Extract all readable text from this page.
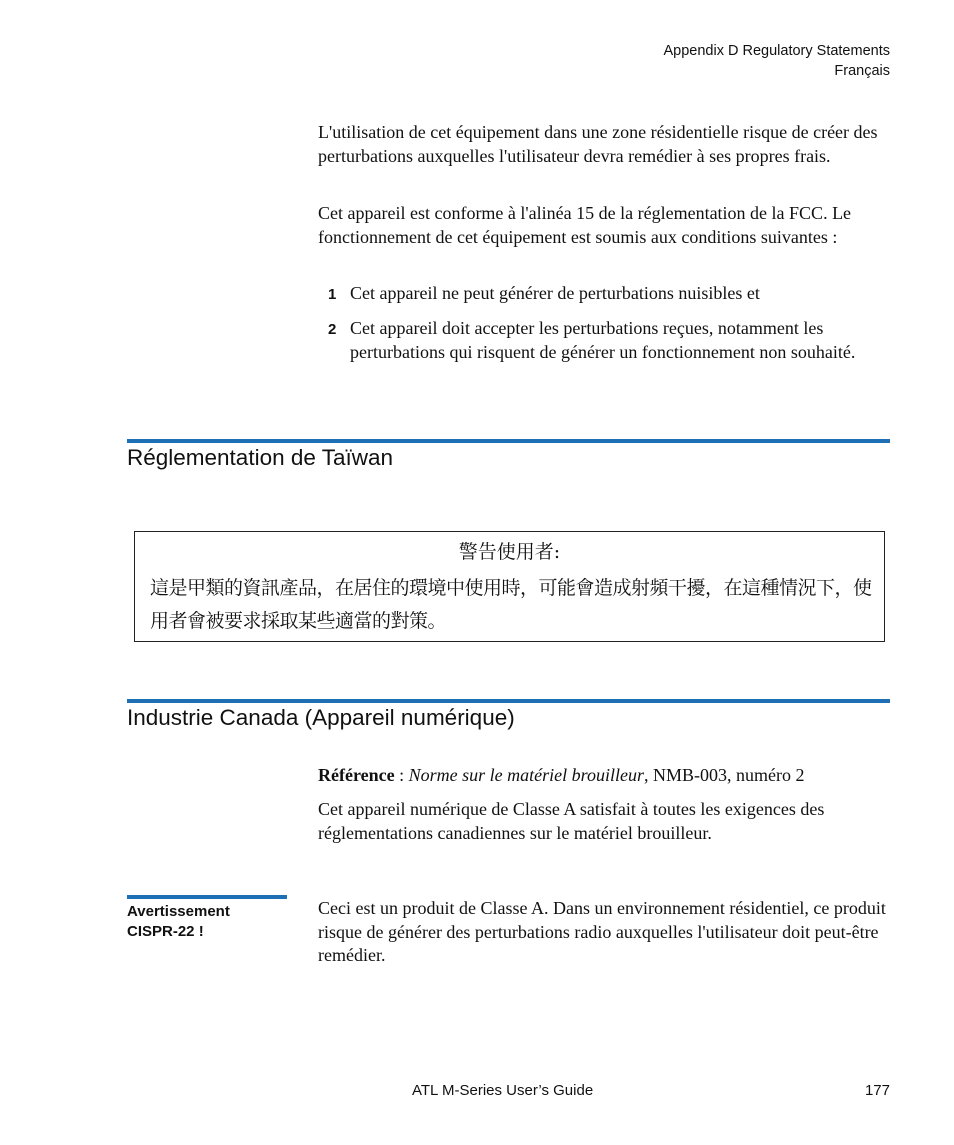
Appendix D Regulatory Statements
Français

L'utilisation de cet équipement dans une zone résidentielle risque de créer des perturbations auxquelles l'utilisateur devra remédier à ses propres frais.

Cet appareil est conforme à l'alinéa 15 de la réglementation de la FCC. Le fonctionnement de cet équipement est soumis aux conditions suivantes :

1 Cet appareil ne peut générer de perturbations nuisibles et
2 Cet appareil doit accepter les perturbations reçues, notamment les perturbations qui risquent de générer un fonctionnement non souhaité.
Réglementation de Taïwan
警告使用者:
這是甲類的資訊產品，在居住的環境中使用時，可能會造成射頻干擾，在這種情況下，使用者會被要求採取某些適當的對策。
Industrie Canada (Appareil numérique)

Référence : Norme sur le matériel brouilleur, NMB-003, numéro 2

Cet appareil numérique de Classe A satisfait à toutes les exigences des réglementations canadiennes sur le matériel brouilleur.

Avertissement
CISPR-22 !

Ceci est un produit de Classe A. Dans un environnement résidentiel, ce produit risque de générer des perturbations radio auxquelles l'utilisateur doit peut-être remédier.

ATL M-Series User’s Guide	177
